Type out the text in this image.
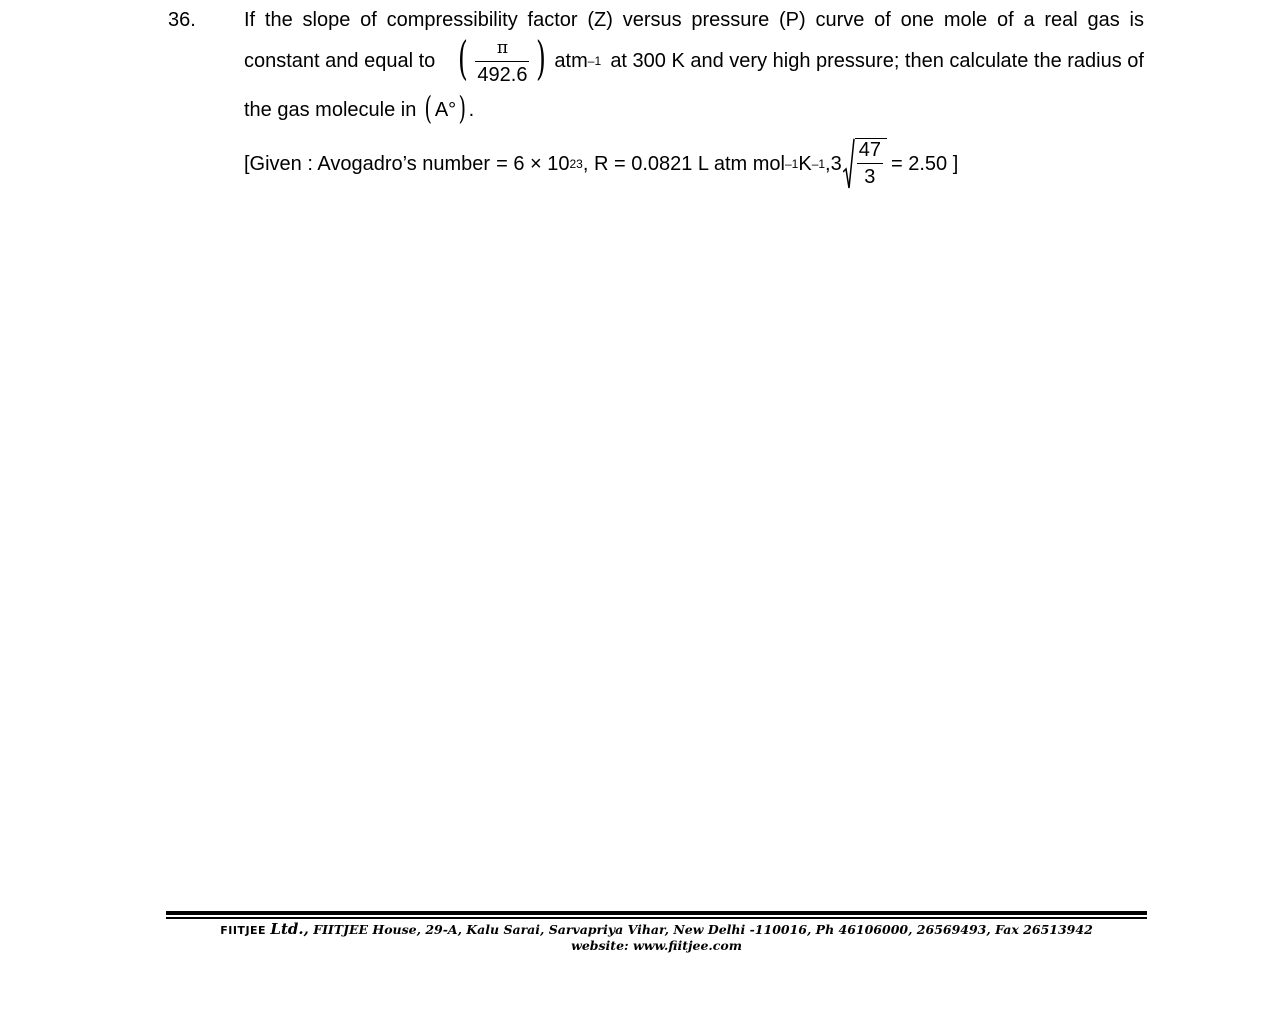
36. If the slope of compressibility factor (Z) versus pressure (P) curve of one mole of a real gas is
constant and equal to ( $\frac{\pi}{492.6}$ ) atm –1 at 300 K and very high pressure; then calculate the radius of
the gas molecule in ( A° ) .
[Given : Avogadro’s number = 6 × 10 23 , R = 0.0821 L atm mol –1 K –1 $,3 \frac{47}{3} = 2.50$ ]
FIITJEE Ltd., FIITJEE House, 29-A, Kalu Sarai, Sarvapriya Vihar, New Delhi -110016, Ph 46106000, 26569493, Fax 26513942
website: www.fiitjee.com
